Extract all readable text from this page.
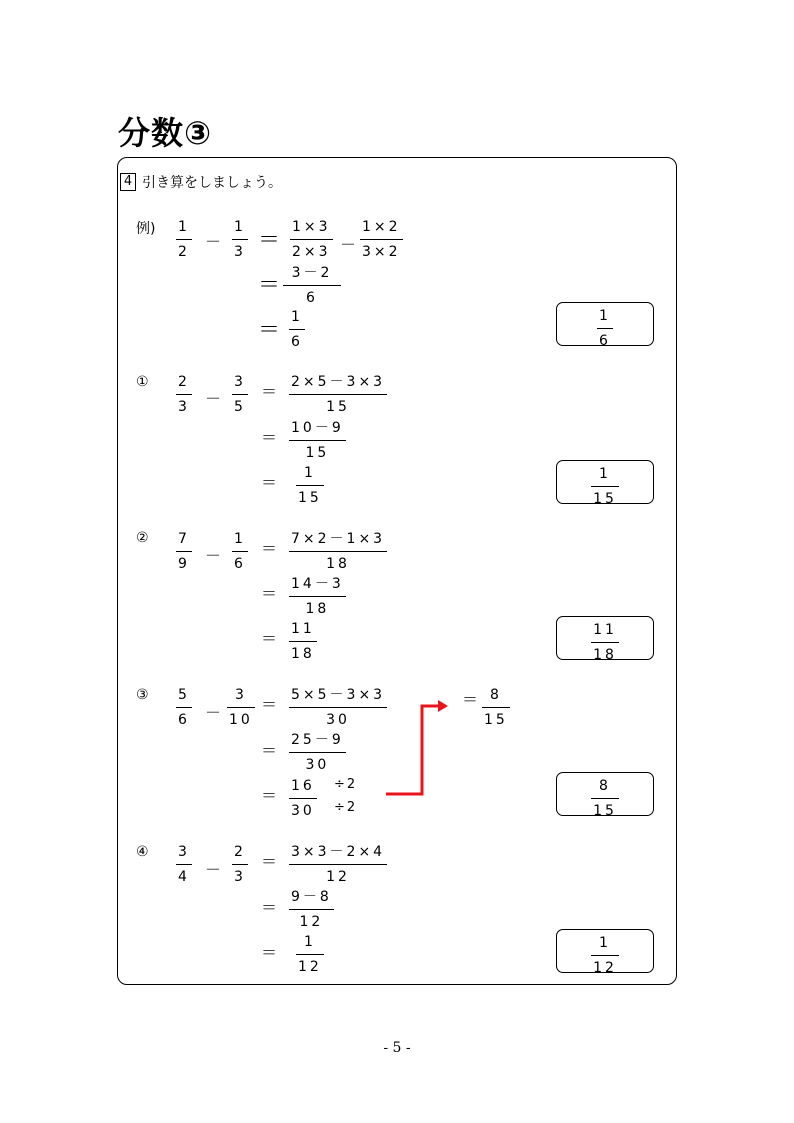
分数③
4 引き算をしましょう。
例) 1
2
－
1
3 ＝
1×3
2×3 －
1×2
3×2
＝ 3－2
6
＝
1
6
1
6
① 2
3 －
3
5
＝ 2×5－3×3
15
＝ 10－9
15
＝ 1
15
1
15
② 7
9 －
1
6
＝ 7×2－1×3
18
＝ 14－3
18
＝ 11
18
11
18
③ 5
6 －
3
10
＝ 5×5－3×3
30
＝
25－9
30
＝ 16
30
÷2
÷2
＝ 8
15
8
15
④ 3
4 －
2
3
＝ 3×3－2×4
12
＝
9－8
12
＝
1
12
1
12
- 5 -
